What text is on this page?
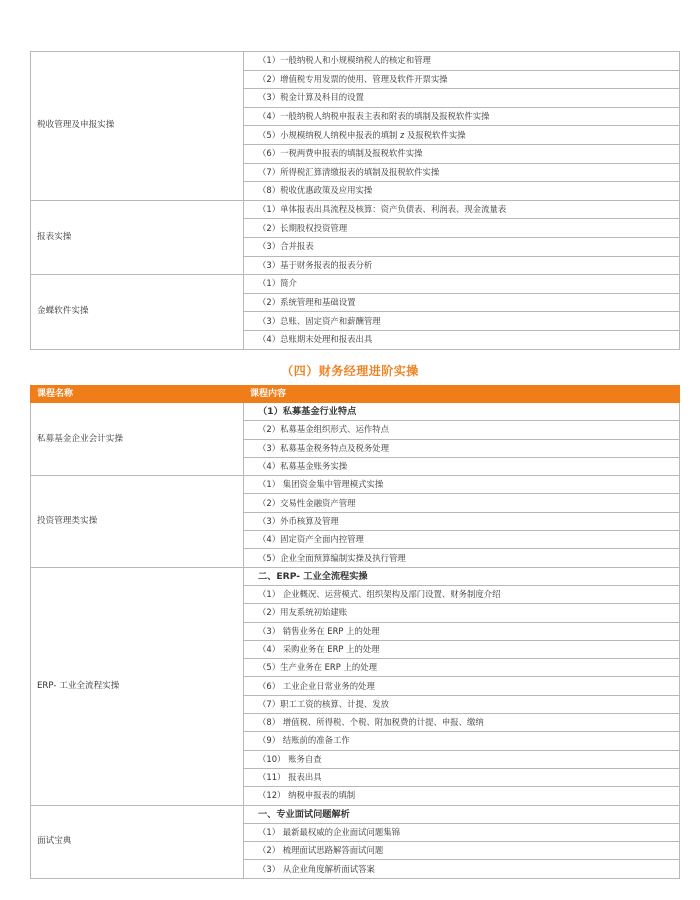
税收管理及申报实操	（1）一般纳税人和小规模纳税人的核定和管理
	（2）增值税专用发票的使用、管理及软件开票实操
	（3）税金计算及科目的设置
	（4）一般纳税人纳税申报表主表和附表的填制及报税软件实操
	（5）小规模纳税人纳税申报表的填制 z 及报税软件实操
	（6）一税两费申报表的填制及报税软件实操
	（7）所得税汇算清缴报表的填制及报税软件实操
	（8）税收优惠政策及应用实操
报表实操	（1）单体报表出具流程及核算：资产负债表、利润表、现金流量表
	（2）长期股权投资管理
	（3）合并报表
	（3）基于财务报表的报表分析
金蝶软件实操	（1）简介
	（2）系统管理和基础设置
	（3）总账、固定资产和薪酬管理
	（4）总账期末处理和报表出具
（四）财务经理进阶实操
课程名称	课程内容
私募基金企业会计实操	（1）私募基金行业特点
	（2）私募基金组织形式、运作特点
	（3）私募基金税务特点及税务处理
	（4）私募基金账务实操
投资管理类实操	（1） 集团资金集中管理模式实操
	（2）交易性金融资产管理
	（3）外币核算及管理
	（4）固定资产全面内控管理
	（5）企业全面预算编制实操及执行管理
ERP- 工业全流程实操	二、ERP- 工业全流程实操
	（1） 企业概况、运营模式、组织架构及部门设置、财务制度介绍
	（2）用友系统初始建账
	（3） 销售业务在 ERP 上的处理
	（4） 采购业务在 ERP 上的处理
	（5）生产业务在 ERP 上的处理
	（6） 工业企业日常业务的处理
	（7）职工工资的核算、计提、发放
	（8） 增值税、所得税、个税、附加税费的计提、申报、缴纳
	（9） 结账前的准备工作
	（10） 账务自查
	（11） 报表出具
	（12） 纳税申报表的填制
面试宝典	一、专业面试问题解析
	（1） 最新最权威的企业面试问题集锦
	（2） 梳理面试思路解答面试问题
	（3） 从企业角度解析面试答案
